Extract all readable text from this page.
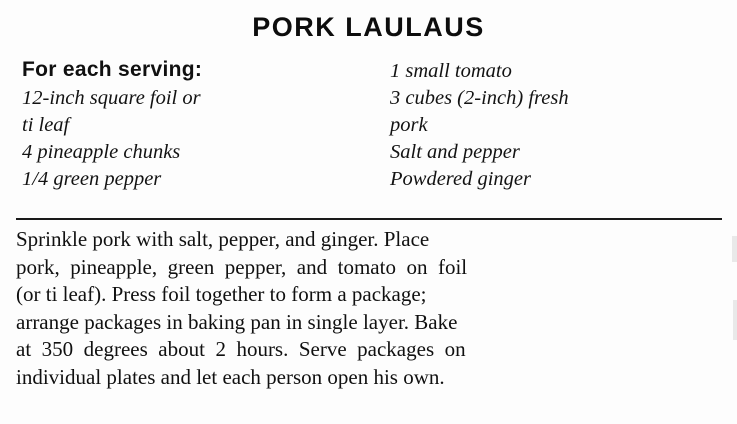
PORK LAULAUS
For each serving:
12-inch square foil or
ti leaf
4 pineapple chunks
1/4 green pepper
1 small tomato
3 cubes (2-inch) fresh
pork
Salt and pepper
Powdered ginger
Sprinkle pork with salt, pepper, and ginger. Place
pork,  pineapple,  green  pepper,  and  tomato  on  foil
(or ti leaf). Press foil together to form a package;
arrange packages in baking pan in single layer. Bake
at  350  degrees  about  2  hours.  Serve  packages  on
individual plates and let each person open his own.
